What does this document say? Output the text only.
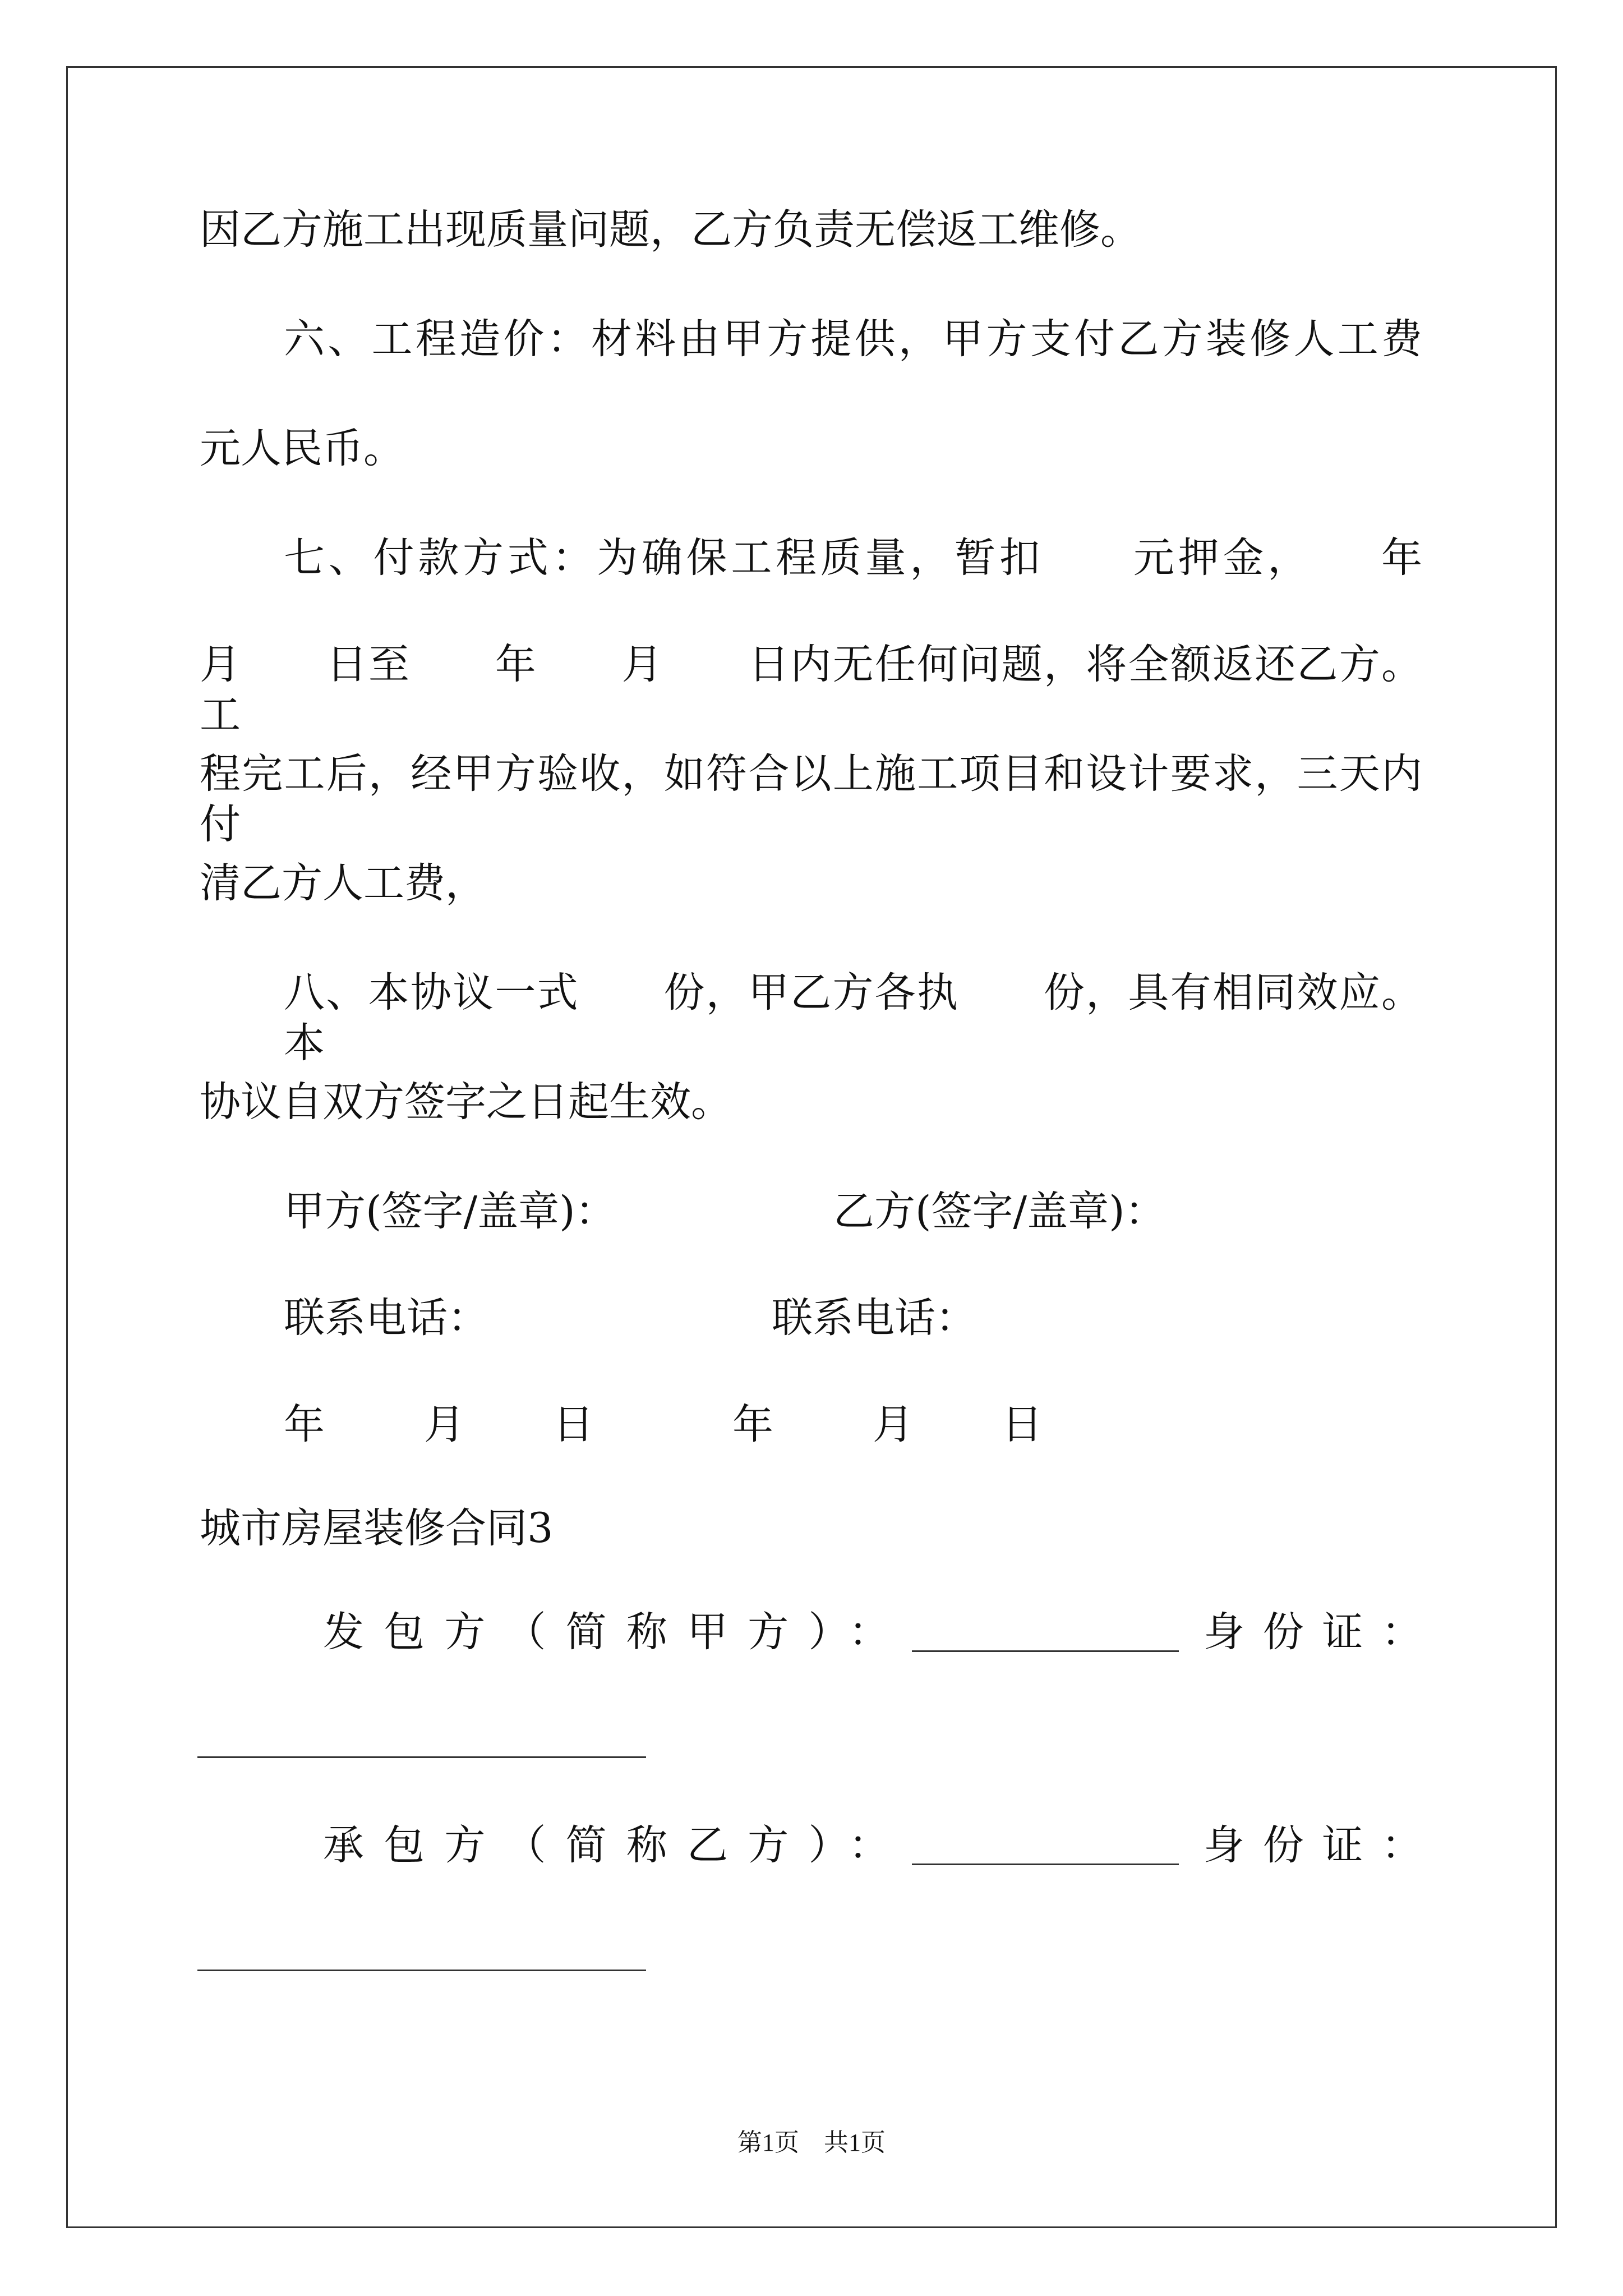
因乙方施工出现质量问题，乙方负责无偿返工维修。
六、工程造价：材料由甲方提供，甲方支付乙方装修人工费
元人民币。
七、付款方式：为确保工程质量，暂扣　　元押金，　　年
月　　日至　　年　　月　　日内无任何问题，将全额返还乙方。工
程完工后，经甲方验收，如符合以上施工项目和设计要求，三天内付
清乙方人工费，
八、本协议一式　　份，甲乙方各执　　份，具有相同效应。本
协议自双方签字之日起生效。
甲方(签字/盖章)：	乙方(签字/盖章)：
联系电话：	联系电话：
年 月 日	年 月 日
城市房屋装修合同3
发包方（简称甲方）：	身份证：
承包方（简称乙方）：	身份证：
第1页　共1页
